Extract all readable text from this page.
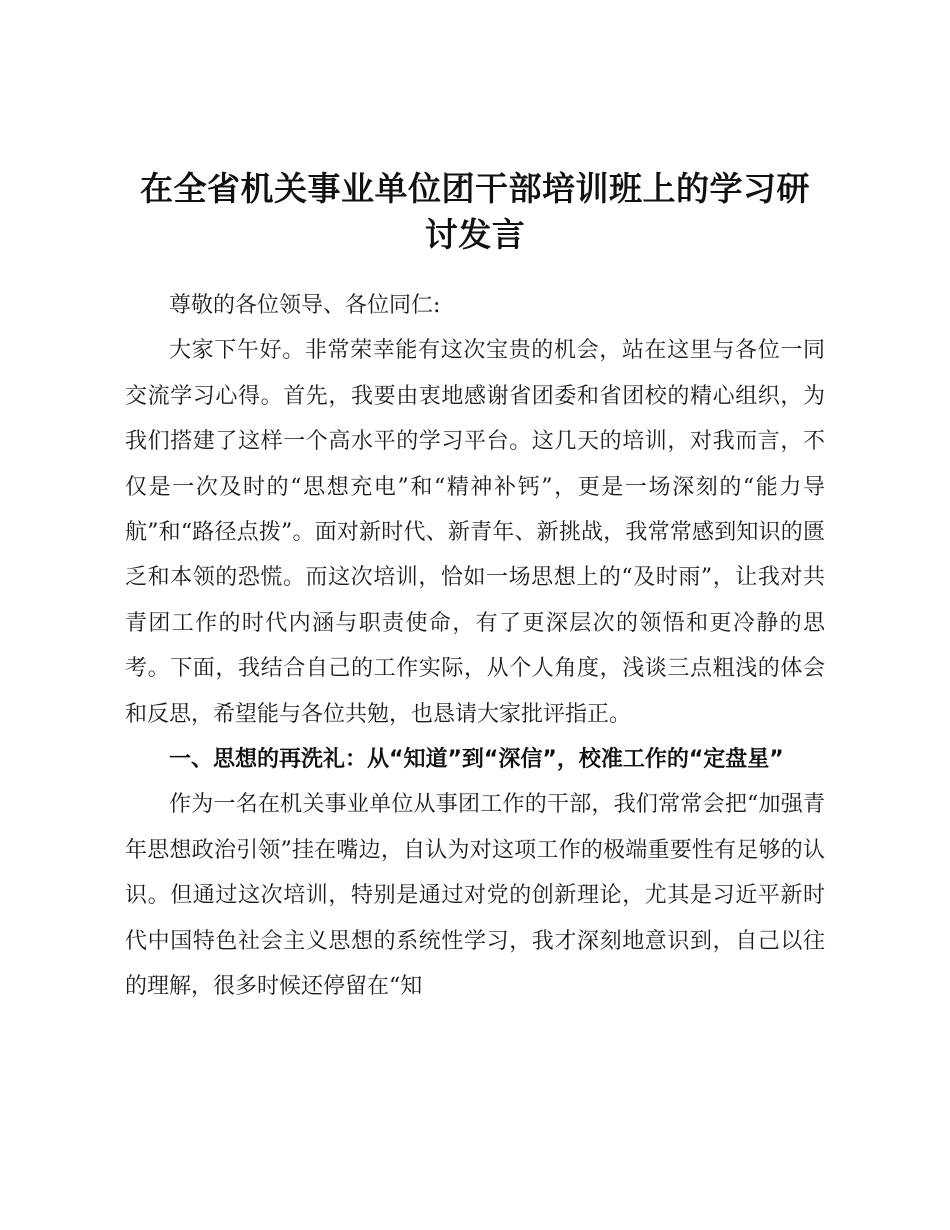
在全省机关事业单位团干部培训班上的学习研讨发言

尊敬的各位领导、各位同仁:

大家下午好。非常荣幸能有这次宝贵的机会，站在这里与各位一同交流学习心得。首先，我要由衷地感谢省团委和省团校的精心组织，为我们搭建了这样一个高水平的学习平台。这几天的培训，对我而言，不仅是一次及时的“思想充电”和“精神补钙”，更是一场深刻的“能力导航”和“路径点拨”。面对新时代、新青年、新挑战，我常常感到知识的匮乏和本领的恐慌。而这次培训，恰如一场思想上的“及时雨”，让我对共青团工作的时代内涵与职责使命，有了更深层次的领悟和更冷静的思考。下面，我结合自己的工作实际，从个人角度，浅谈三点粗浅的体会和反思，希望能与各位共勉，也恳请大家批评指正。

一、思想的再洗礼：从“知道”到“深信”，校准工作的“定盘星”

作为一名在机关事业单位从事团工作的干部，我们常常会把“加强青年思想政治引领”挂在嘴边，自认为对这项工作的极端重要性有足够的认识。但通过这次培训，特别是通过对党的创新理论，尤其是习近平新时代中国特色社会主义思想的系统性学习，我才深刻地意识到，自己以往的理解，很多时候还停留在“知
